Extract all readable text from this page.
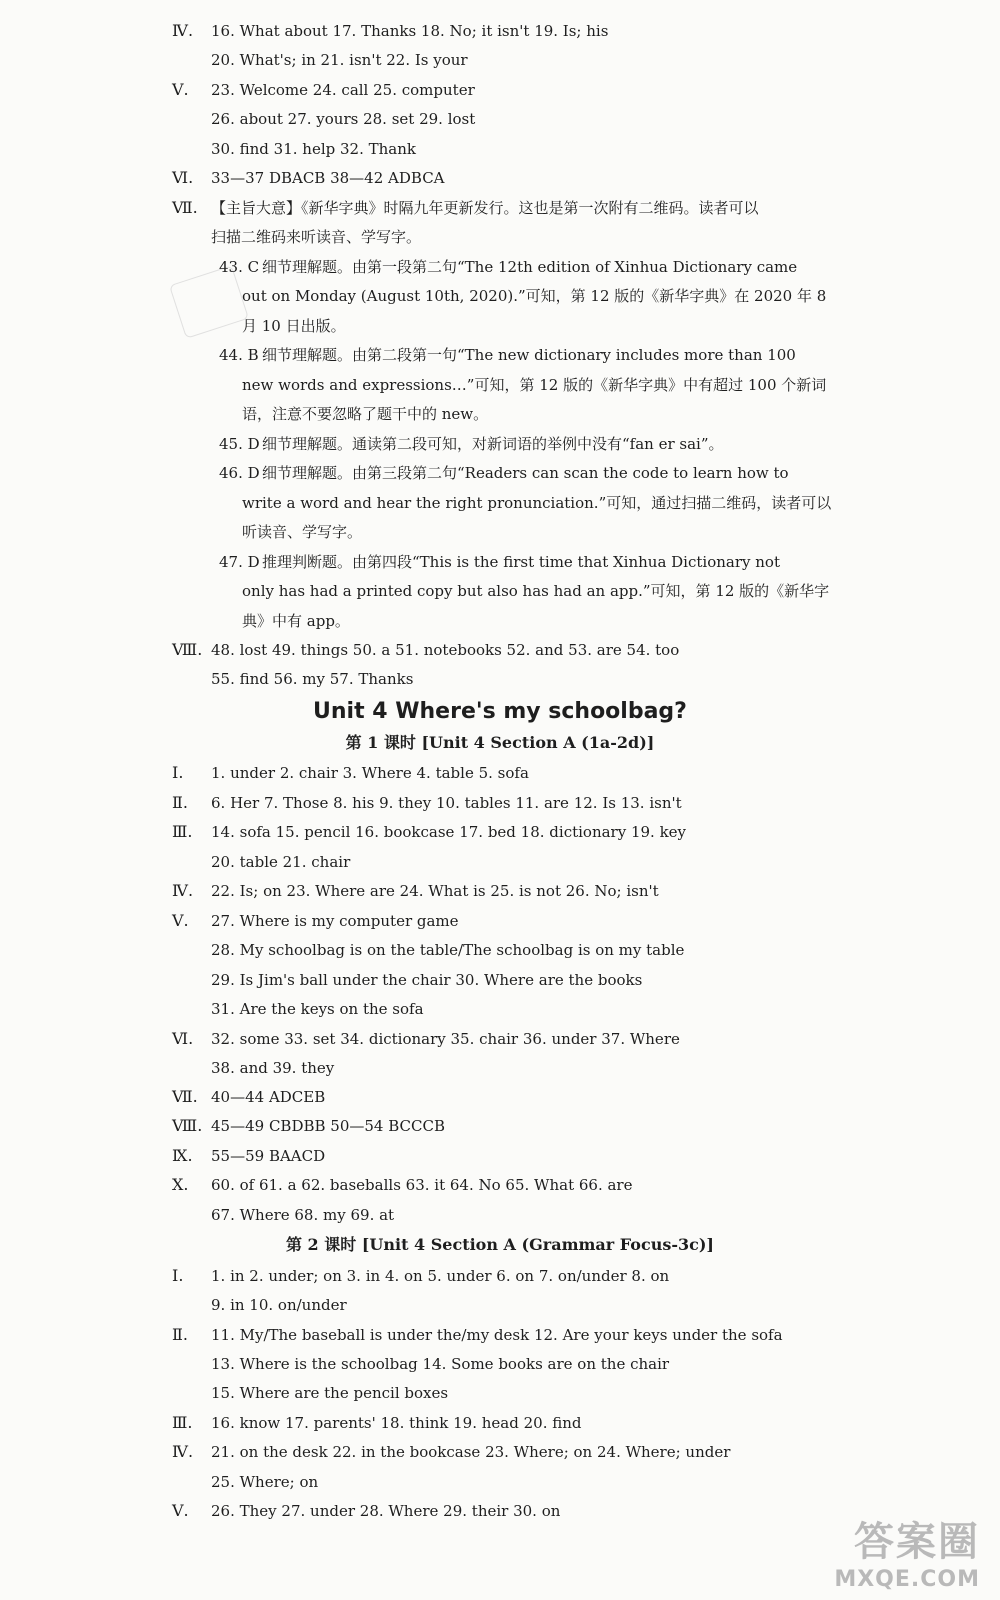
Ⅳ. 16. What about 17. Thanks 18. No; it isn't 19. Is; his
20. What's; in 21. isn't 22. Is your
Ⅴ. 23. Welcome 24. call 25. computer
26. about 27. yours 28. set 29. lost
30. find 31. help 32. Thank
Ⅵ. 33—37 DBACB 38—42 ADBCA
Ⅶ. 【主旨大意】《新华字典》时隔九年更新发行。这也是第一次附有二维码。读者可以
扫描二维码来听读音、学写字。
43. C 细节理解题。由第一段第二句“The 12th edition of Xinhua Dictionary came
out on Monday (August 10th, 2020).”可知，第 12 版的《新华字典》在 2020 年 8
月 10 日出版。
44. B 细节理解题。由第二段第一句“The new dictionary includes more than 100
new words and expressions…”可知，第 12 版的《新华字典》中有超过 100 个新词
语，注意不要忽略了题干中的 new。
45. D 细节理解题。通读第二段可知，对新词语的举例中没有“fan er sai”。
46. D 细节理解题。由第三段第二句“Readers can scan the code to learn how to
write a word and hear the right pronunciation.”可知，通过扫描二维码，读者可以
听读音、学写字。
47. D 推理判断题。由第四段“This is the first time that Xinhua Dictionary not
only has had a printed copy but also has had an app.”可知，第 12 版的《新华字
典》中有 app。
Ⅷ. 48. lost 49. things 50. a 51. notebooks 52. and 53. are 54. too
55. find 56. my 57. Thanks
Unit 4 Where's my schoolbag?
第 1 课时 [Unit 4 Section A (1a-2d)]
Ⅰ. 1. under 2. chair 3. Where 4. table 5. sofa
Ⅱ. 6. Her 7. Those 8. his 9. they 10. tables 11. are 12. Is 13. isn't
Ⅲ. 14. sofa 15. pencil 16. bookcase 17. bed 18. dictionary 19. key
20. table 21. chair
Ⅳ. 22. Is; on 23. Where are 24. What is 25. is not 26. No; isn't
Ⅴ. 27. Where is my computer game
28. My schoolbag is on the table/The schoolbag is on my table
29. Is Jim's ball under the chair 30. Where are the books
31. Are the keys on the sofa
Ⅵ. 32. some 33. set 34. dictionary 35. chair 36. under 37. Where
38. and 39. they
Ⅶ. 40—44 ADCEB
Ⅷ. 45—49 CBDBB 50—54 BCCCB
Ⅸ. 55—59 BAACD
Ⅹ. 60. of 61. a 62. baseballs 63. it 64. No 65. What 66. are
67. Where 68. my 69. at
第 2 课时 [Unit 4 Section A (Grammar Focus-3c)]
Ⅰ. 1. in 2. under; on 3. in 4. on 5. under 6. on 7. on/under 8. on
9. in 10. on/under
Ⅱ. 11. My/The baseball is under the/my desk 12. Are your keys under the sofa
13. Where is the schoolbag 14. Some books are on the chair
15. Where are the pencil boxes
Ⅲ. 16. know 17. parents' 18. think 19. head 20. find
Ⅳ. 21. on the desk 22. in the bookcase 23. Where; on 24. Where; under
25. Where; on
Ⅴ. 26. They 27. under 28. Where 29. their 30. on
答案圈
MXQE.COM
